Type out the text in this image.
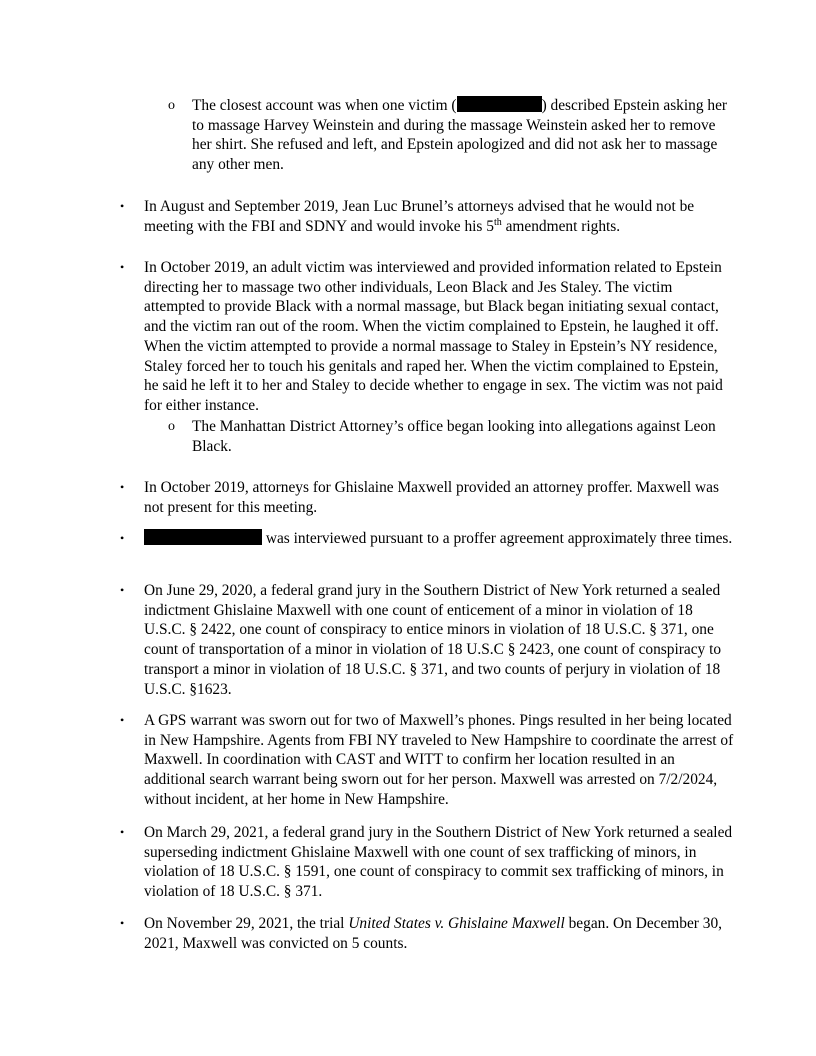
o The closest account was when one victim (	) described Epstein asking her to massage Harvey Weinstein and during the massage Weinstein asked her to remove her shirt. She refused and left, and Epstein apologized and did not ask her to massage any other men.
• In August and September 2019, Jean Luc Brunel’s attorneys advised that he would not be meeting with the FBI and SDNY and would invoke his 5th amendment rights.
• In October 2019, an adult victim was interviewed and provided information related to Epstein directing her to massage two other individuals, Leon Black and Jes Staley. The victim attempted to provide Black with a normal massage, but Black began initiating sexual contact, and the victim ran out of the room. When the victim complained to Epstein, he laughed it off. When the victim attempted to provide a normal massage to Staley in Epstein’s NY residence, Staley forced her to touch his genitals and raped her. When the victim complained to Epstein, he said he left it to her and Staley to decide whether to engage in sex. The victim was not paid for either instance.
o The Manhattan District Attorney’s office began looking into allegations against Leon Black.
• In October 2019, attorneys for Ghislaine Maxwell provided an attorney proffer. Maxwell was not present for this meeting.
•	was interviewed pursuant to a proffer agreement approximately three times.
• On June 29, 2020, a federal grand jury in the Southern District of New York returned a sealed indictment Ghislaine Maxwell with one count of enticement of a minor in violation of 18 U.S.C. § 2422, one count of conspiracy to entice minors in violation of 18 U.S.C. § 371, one count of transportation of a minor in violation of 18 U.S.C § 2423, one count of conspiracy to transport a minor in violation of 18 U.S.C. § 371, and two counts of perjury in violation of 18 U.S.C. §1623.
• A GPS warrant was sworn out for two of Maxwell’s phones. Pings resulted in her being located in New Hampshire. Agents from FBI NY traveled to New Hampshire to coordinate the arrest of Maxwell. In coordination with CAST and WITT to confirm her location resulted in an additional search warrant being sworn out for her person. Maxwell was arrested on 7/2/2024, without incident, at her home in New Hampshire.
• On March 29, 2021, a federal grand jury in the Southern District of New York returned a sealed superseding indictment Ghislaine Maxwell with one count of sex trafficking of minors, in violation of 18 U.S.C. § 1591, one count of conspiracy to commit sex trafficking of minors, in violation of 18 U.S.C. § 371.
• On November 29, 2021, the trial United States v. Ghislaine Maxwell began. On December 30, 2021, Maxwell was convicted on 5 counts.
